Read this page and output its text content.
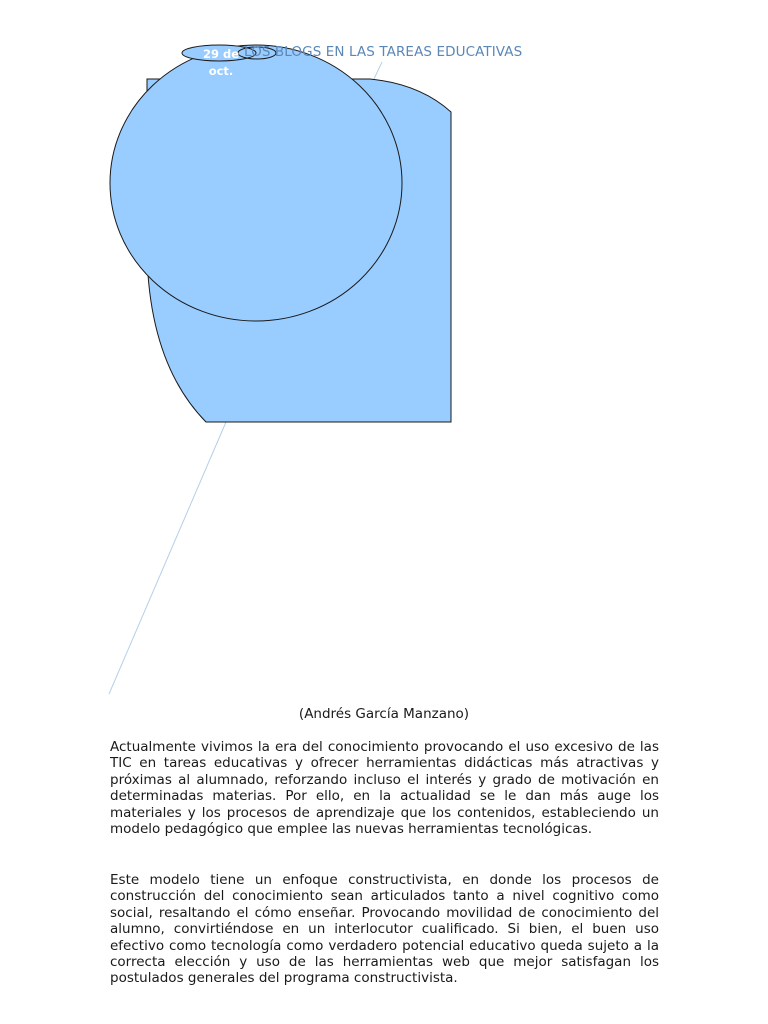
29 de
oct.
LOS BLOGS EN LAS TAREAS EDUCATIVAS
(Andrés García Manzano)

Actualmente vivimos la era del conocimiento provocando el uso excesivo de las TIC en tareas educativas y ofrecer herramientas didácticas más atractivas y próximas al alumnado, reforzando incluso el interés y grado de motivación en determinadas materias. Por ello, en la actualidad se le dan más auge los materiales y los procesos de aprendizaje que los contenidos, estableciendo un modelo pedagógico que emplee las nuevas herramientas tecnológicas.

Este modelo tiene un enfoque constructivista, en donde los procesos de construcción del conocimiento sean articulados tanto a nivel cognitivo como social, resaltando el cómo enseñar. Provocando movilidad de conocimiento del alumno, convirtiéndose en un interlocutor cualificado. Si bien, el buen uso efectivo como tecnología como verdadero potencial educativo queda sujeto a la correcta elección y uso de las herramientas web que mejor satisfagan los postulados generales del programa constructivista.
